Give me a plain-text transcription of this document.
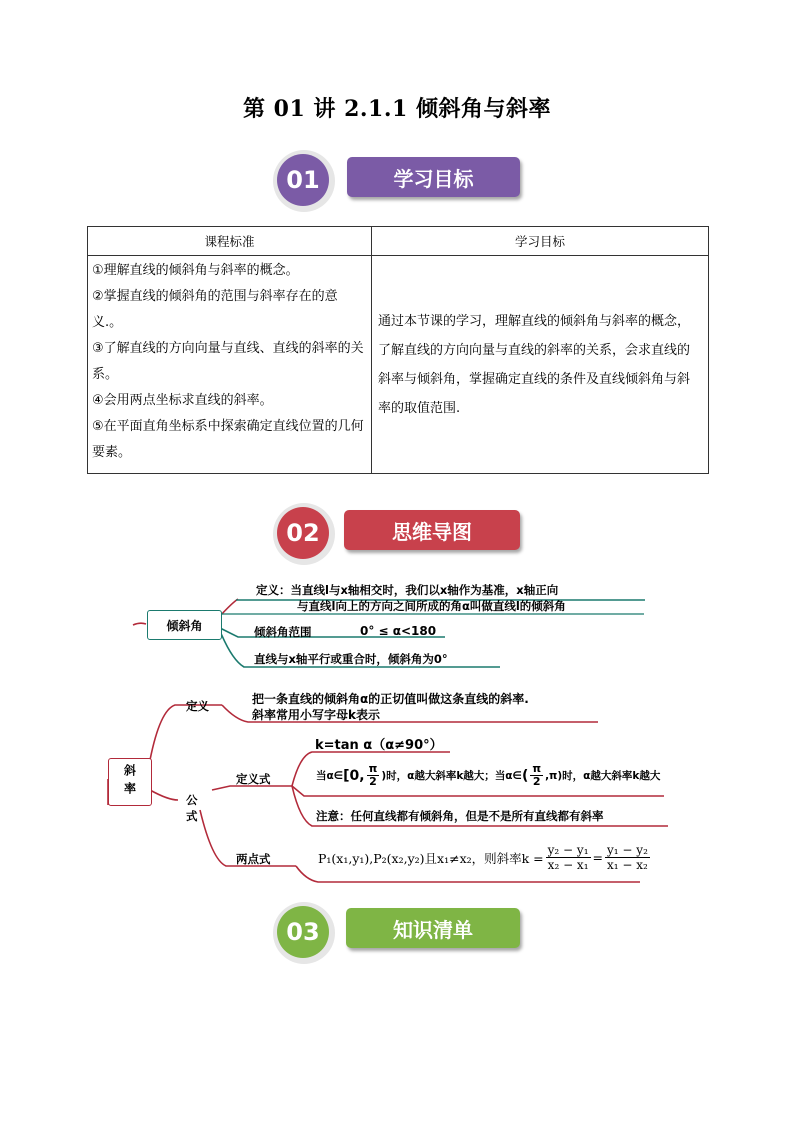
第 01 讲 2.1.1 倾斜角与斜率
01	学习目标
课程标准	学习目标

①理解直线的倾斜角与斜率的概念。
②掌握直线的倾斜角的范围与斜率存在的意义.。
③了解直线的方向向量与直线、直线的斜率的关系。
④会用两点坐标求直线的斜率。
⑤在平面直角坐标系中探索确定直线位置的几何要素。	通过本节课的学习，理解直线的倾斜角与斜率的概念，了解直线的方向向量与直线的斜率的关系，会求直线的斜率与倾斜角，掌握确定直线的条件及直线倾斜角与斜率的取值范围.
02	思维导图
倾斜角
定义：当直线l与x轴相交时，我们以x轴作为基准，x轴正向
与直线l向上的方向之间所成的角α叫做直线l的倾斜角
倾斜角范围	0° ≤ α<180
直线与x轴平行或重合时，倾斜角为0°
斜率
定义	把一条直线的倾斜角α的正切值叫做这条直线的斜率.
斜率常用小写字母k表示
公式
定义式
k=tan α（α≠90°）
当α∈ [0, $\frac{\pi}{2}$ )时，α越大斜率k越大； 当α∈ ( $\frac{\pi}{2} ,\pi$)时，α越大斜率k越大
注意：任何直线都有倾斜角，但是不是所有直线都有斜率
两点式	P₁(x₁,y₁),P₂(x₂,y₂)且x₁≠x₂，则斜率$k = \frac{\text{y₂ − y₁}}{\text{x₂ − x₁}} = \frac{\text{y₁ − y₂}}{\text{x₁ − x₂}}$
03	知识清单
